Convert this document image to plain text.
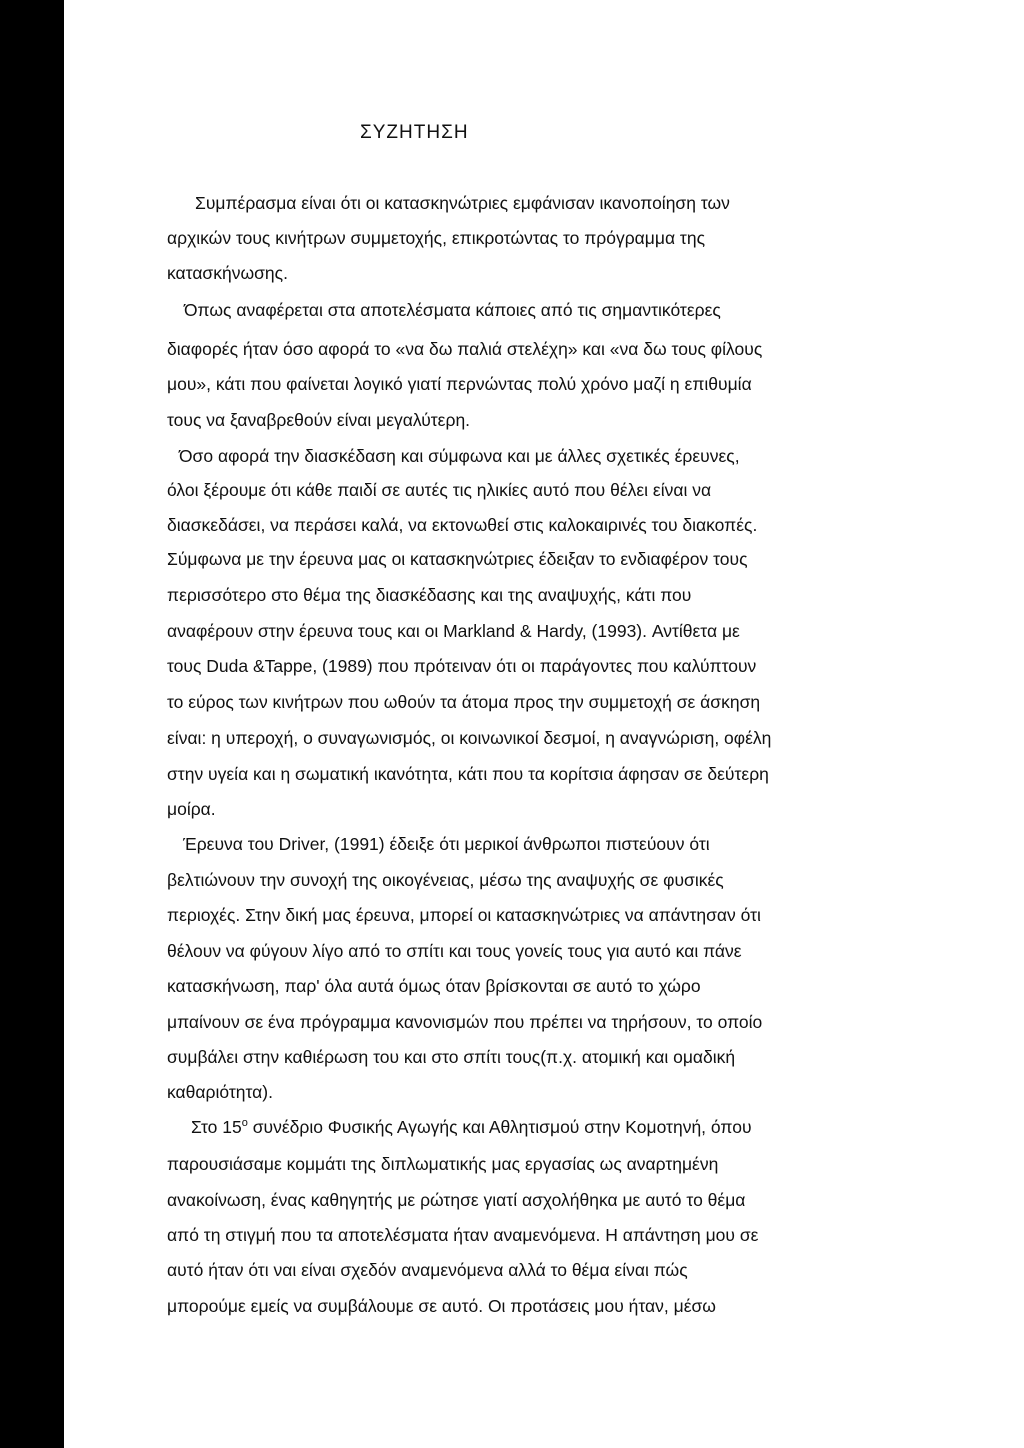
ΣΥΖΗΤΗΣΗ

Συμπέρασμα είναι ότι οι κατασκηνώτριες εμφάνισαν ικανοποίηση των

αρχικών τους κινήτρων συμμετοχής, επικροτώντας το πρόγραμμα της

κατασκήνωσης.

Όπως αναφέρεται στα αποτελέσματα κάποιες από τις σημαντικότερες

διαφορές ήταν όσο αφορά το «να δω παλιά στελέχη» και «να δω τους φίλους

μου», κάτι που φαίνεται λογικό γιατί περνώντας πολύ χρόνο μαζί η επιθυμία

τους να ξαναβρεθούν είναι μεγαλύτερη.

Όσο αφορά την διασκέδαση και σύμφωνα και με άλλες σχετικές έρευνες,

όλοι ξέρουμε ότι κάθε παιδί σε αυτές τις ηλικίες αυτό που θέλει είναι να

διασκεδάσει, να περάσει καλά, να εκτονωθεί στις καλοκαιρινές του διακοπές.

Σύμφωνα με την έρευνα μας οι κατασκηνώτριες έδειξαν το ενδιαφέρον τους

περισσότερο στο θέμα της διασκέδασης και της αναψυχής, κάτι που

αναφέρουν στην έρευνα τους και οι Markland & Hardy, (1993). Αντίθετα με

τους Duda &Tappe, (1989) που πρότειναν ότι οι παράγοντες που καλύπτουν

το εύρος των κινήτρων που ωθούν τα άτομα προς την συμμετοχή σε άσκηση

είναι: η υπεροχή, ο συναγωνισμός, οι κοινωνικοί δεσμοί, η αναγνώριση, οφέλη

στην υγεία και η σωματική ικανότητα, κάτι που τα κορίτσια άφησαν σε δεύτερη

μοίρα.

Έρευνα του Driver, (1991) έδειξε ότι μερικοί άνθρωποι πιστεύουν ότι

βελτιώνουν την συνοχή της οικογένειας, μέσω της αναψυχής σε φυσικές

περιοχές. Στην δική μας έρευνα, μπορεί οι κατασκηνώτριες να απάντησαν ότι

θέλουν να φύγουν λίγο από το σπίτι και τους γονείς τους για αυτό και πάνε

κατασκήνωση, παρ' όλα αυτά όμως όταν βρίσκονται σε αυτό το χώρο

μπαίνουν σε ένα πρόγραμμα κανονισμών που πρέπει να τηρήσουν, το οποίο

συμβάλει στην καθιέρωση του και στο σπίτι τους(π.χ. ατομική και ομαδική

καθαριότητα).

Στο $15^o$ συνέδριο Φυσικής Αγωγής και Αθλητισμού στην Κομοτηνή, όπου

παρουσιάσαμε κομμάτι της διπλωματικής μας εργασίας ως αναρτημένη

ανακοίνωση, ένας καθηγητής με ρώτησε γιατί ασχολήθηκα με αυτό το θέμα

από τη στιγμή που τα αποτελέσματα ήταν αναμενόμενα. Η απάντηση μου σε

αυτό ήταν ότι ναι είναι σχεδόν αναμενόμενα αλλά το θέμα είναι πώς

μπορούμε εμείς να συμβάλουμε σε αυτό. Οι προτάσεις μου ήταν, μέσω
